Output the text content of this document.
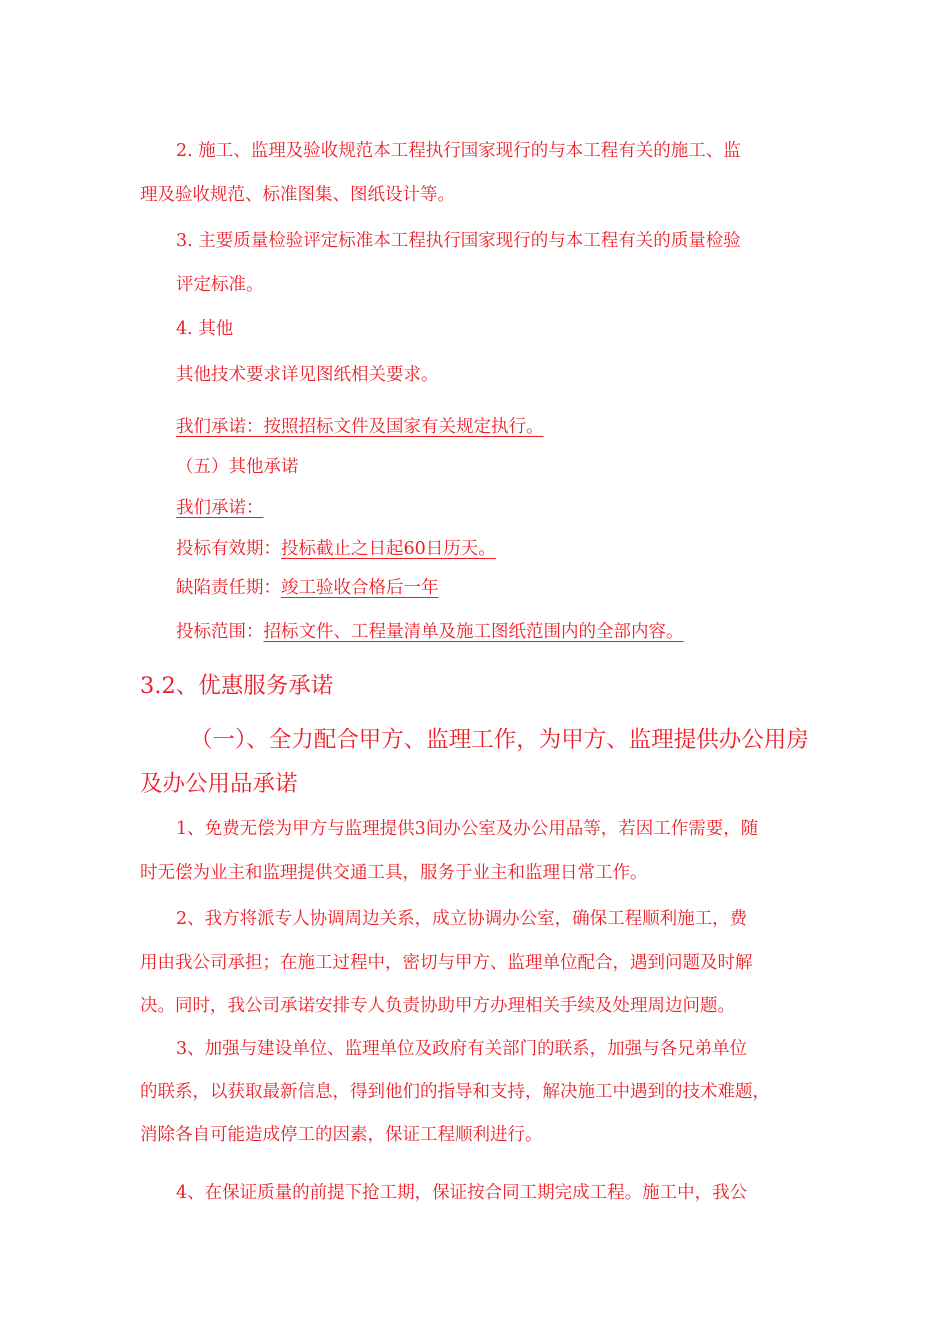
2. 施工、监理及验收规范本工程执行国家现行的与本工程有关的施工、监
理及验收规范、标准图集、图纸设计等。
3. 主要质量检验评定标准本工程执行国家现行的与本工程有关的质量检验
评定标准。
4. 其他
其他技术要求详见图纸相关要求。
我们承诺：按照招标文件及国家有关规定执行。
（五）其他承诺
我们承诺：
投标有效期：投标截止之日起60日历天。
缺陷责任期：竣工验收合格后一年
投标范围：招标文件、工程量清单及施工图纸范围内的全部内容。
3.2、优惠服务承诺
（一）、全力配合甲方、监理工作，为甲方、监理提供办公用房
及办公用品承诺
1、免费无偿为甲方与监理提供3间办公室及办公用品等，若因工作需要，随
时无偿为业主和监理提供交通工具，服务于业主和监理日常工作。
2、我方将派专人协调周边关系，成立协调办公室，确保工程顺利施工，费
用由我公司承担；在施工过程中，密切与甲方、监理单位配合，遇到问题及时解
决。同时，我公司承诺安排专人负责协助甲方办理相关手续及处理周边问题。
3、加强与建设单位、监理单位及政府有关部门的联系，加强与各兄弟单位
的联系，以获取最新信息，得到他们的指导和支持，解决施工中遇到的技术难题，
消除各自可能造成停工的因素，保证工程顺利进行。
4、在保证质量的前提下抢工期，保证按合同工期完成工程。施工中，我公
